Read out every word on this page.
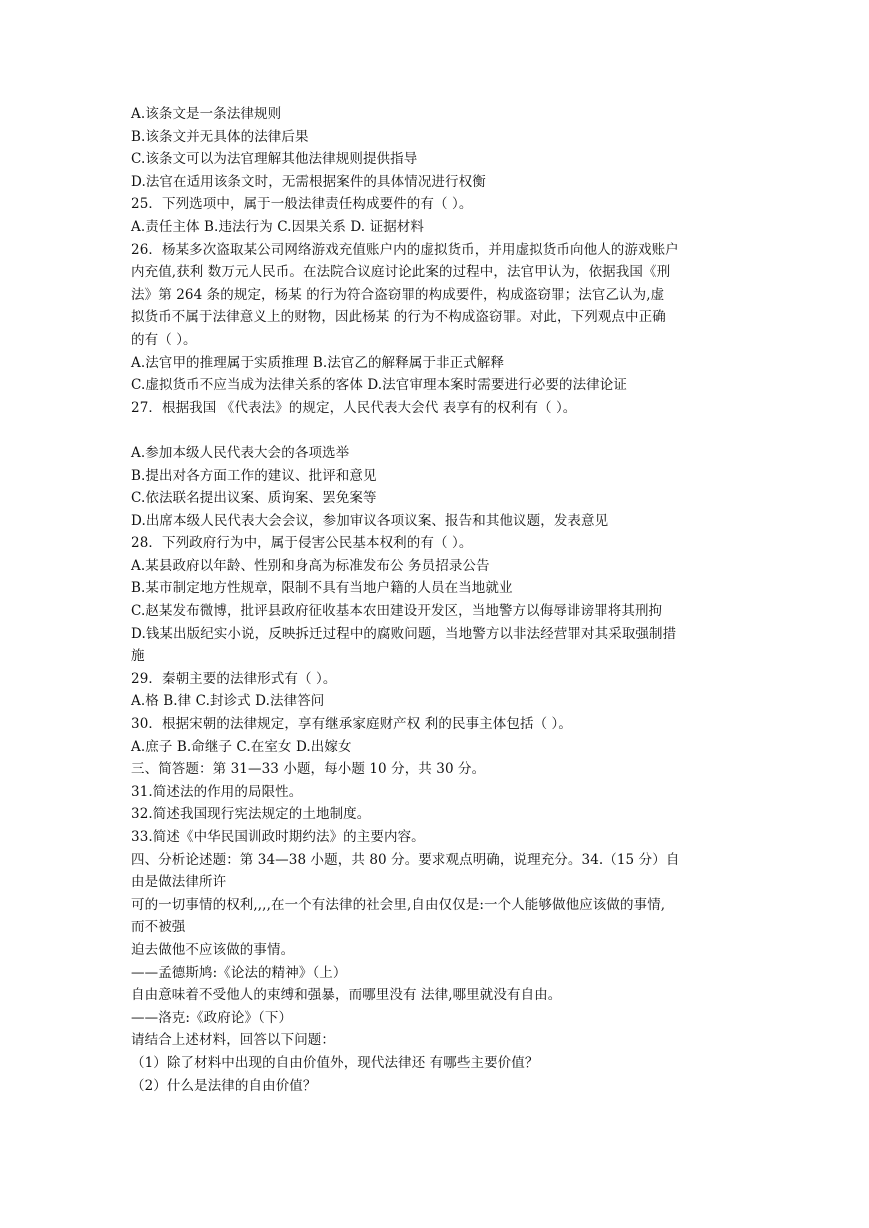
A.该条文是一条法律规则
B.该条文并无具体的法律后果
C.该条文可以为法官理解其他法律规则提供指导
D.法官在适用该条文时，无需根据案件的具体情况进行权衡
25．下列选项中，属于一般法律责任构成要件的有（ ）。
A.责任主体 B.违法行为 C.因果关系 D. 证据材料
26．杨某多次盗取某公司网络游戏充值账户内的虚拟货币，并用虚拟货币向他人的游戏账户
内充值,获利 数万元人民币。在法院合议庭讨论此案的过程中，法官甲认为，依据我国《刑
法》第 264 条的规定，杨某 的行为符合盗窃罪的构成要件，构成盗窃罪；法官乙认为,虚
拟货币不属于法律意义上的财物，因此杨某 的行为不构成盗窃罪。对此，下列观点中正确
的有（ ）。
A.法官甲的推理属于实质推理 B.法官乙的解释属于非正式解释
C.虚拟货币不应当成为法律关系的客体 D.法官审理本案时需要进行必要的法律论证
27．根据我国 《代表法》的规定，人民代表大会代 表享有的权利有（ ）。
A.参加本级人民代表大会的各项选举
B.提出对各方面工作的建议、批评和意见
C.依法联名提出议案、质询案、罢免案等
D.出席本级人民代表大会会议，参加审议各项议案、报告和其他议题，发表意见
28．下列政府行为中，属于侵害公民基本权利的有（ ）。
A.某县政府以年龄、性别和身高为标准发布公 务员招录公告
B.某市制定地方性规章，限制不具有当地户籍的人员在当地就业
C.赵某发布微博，批评县政府征收基本农田建设开发区，当地警方以侮辱诽谤罪将其刑拘
D.钱某出版纪实小说，反映拆迁过程中的腐败问题，当地警方以非法经营罪对其采取强制措
施
29．秦朝主要的法律形式有（ ）。
A.格 B.律 C.封诊式 D.法律答问
30．根据宋朝的法律规定，享有继承家庭财产权 利的民事主体包括（ ）。
A.庶子 B.命继子 C.在室女 D.出嫁女
三、简答题：第 31—33 小题，每小题 10 分，共 30 分。
31.简述法的作用的局限性。
32.简述我国现行宪法规定的土地制度。
33.简述《中华民国训政时期约法》的主要内容。
四、分析论述题：第 34—38 小题，共 80 分。要求观点明确，说理充分。34.（15 分）自
由是做法律所许
可的一切事情的权利,,,,在一个有法律的社会里,自由仅仅是:一个人能够做他应该做的事情,
而不被强
迫去做他不应该做的事情。
——孟德斯鸠:《论法的精神》（上）
自由意味着不受他人的束缚和强暴，而哪里没有 法律,哪里就没有自由。
——洛克:《政府论》（下）
请结合上述材料，回答以下问题：
（1）除了材料中出现的自由价值外，现代法律还 有哪些主要价值？
（2）什么是法律的自由价值？
